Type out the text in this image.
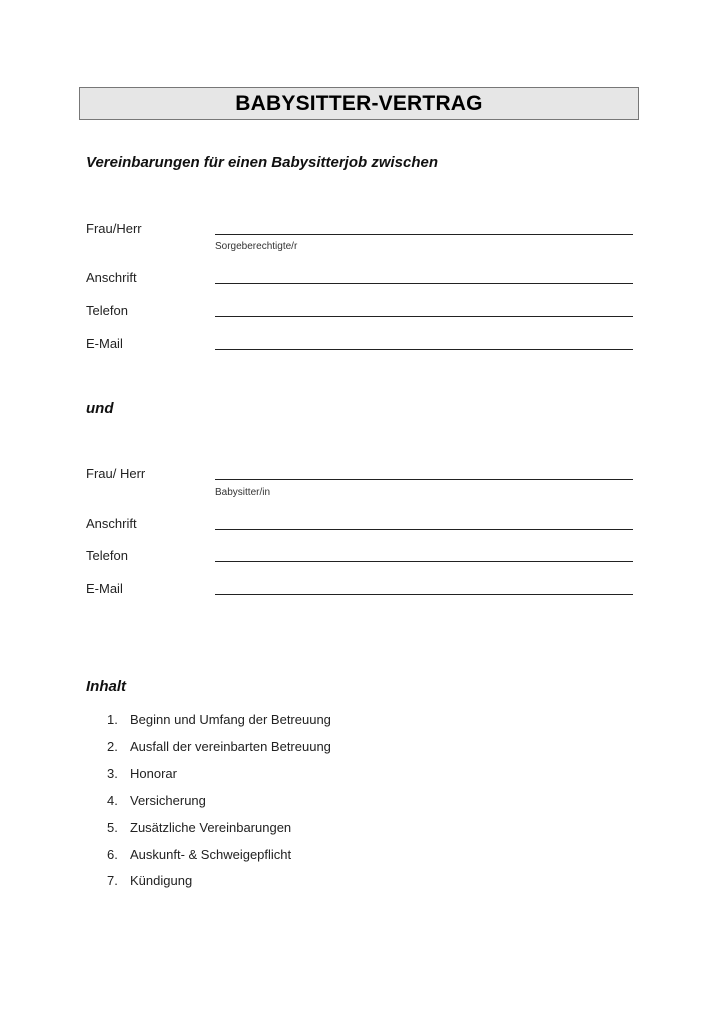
BABYSITTER-VERTRAG
Vereinbarungen für einen Babysitterjob zwischen
Frau/Herr
Sorgeberechtigte/r
Anschrift
Telefon
E-Mail
und
Frau/ Herr
Babysitter/in
Anschrift
Telefon
E-Mail
Inhalt
1. Beginn und Umfang der Betreuung
2. Ausfall der vereinbarten Betreuung
3. Honorar
4. Versicherung
5. Zusätzliche Vereinbarungen
6. Auskunft- & Schweigepflicht
7. Kündigung
